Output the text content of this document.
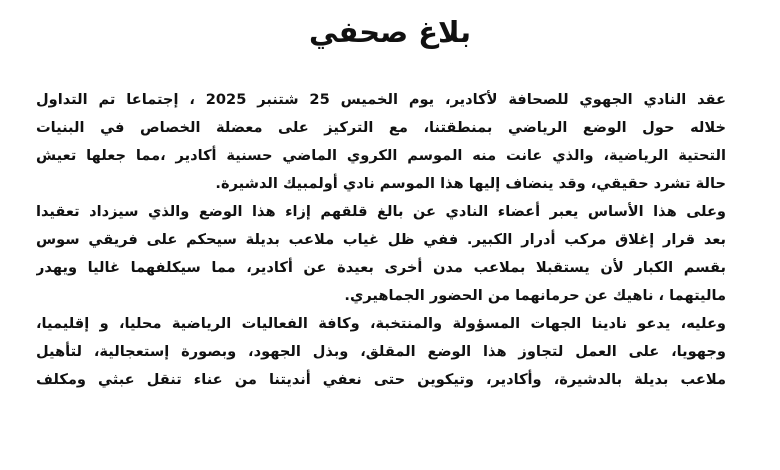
بلاغ صحفي
عقد النادي الجهوي للصحافة لأكادير، يوم الخميس 25 شتنبر 2025 ، إجتماعا تم التداول
خلاله حول الوضع الرياضي بمنطقتنا، مع التركيز على معضلة الخصاص في البنيات
التحتية الرياضية، والذي عانت منه الموسم الكروي الماضي حسنية أكادير ،مما جعلها تعيش
حالة تشرد حقيقي، وقد ينضاف إليها هذا الموسم نادي أولمبيك الدشيرة.
وعلى هذا الأساس يعبر أعضاء النادي عن بالغ قلقهم إزاء هذا الوضع والذي سيزداد تعقيدا
بعد قرار إغلاق مركب أدرار الكبير. ففي ظل غياب ملاعب بديلة سيحكم على فريقي سوس
بقسم الكبار لأن يستقبلا بملاعب مدن أخرى بعيدة عن أكادير، مما سيكلفهما غاليا ويهدر
ماليتهما ، ناهيك عن حرمانهما من الحضور الجماهيري.
وعليه، يدعو نادينا الجهات المسؤولة والمنتخبة، وكافة الفعاليات الرياضية محليا، و إقليميا،
وجهويا، على العمل لتجاوز هذا الوضع المقلق، وبذل الجهود، وبصورة إستعجالية، لتأهيل
ملاعب بديلة بالدشيرة، وأكادير، وتيكوين حتى نعفي أنديتنا من عناء تنقل عبثي ومكلف
